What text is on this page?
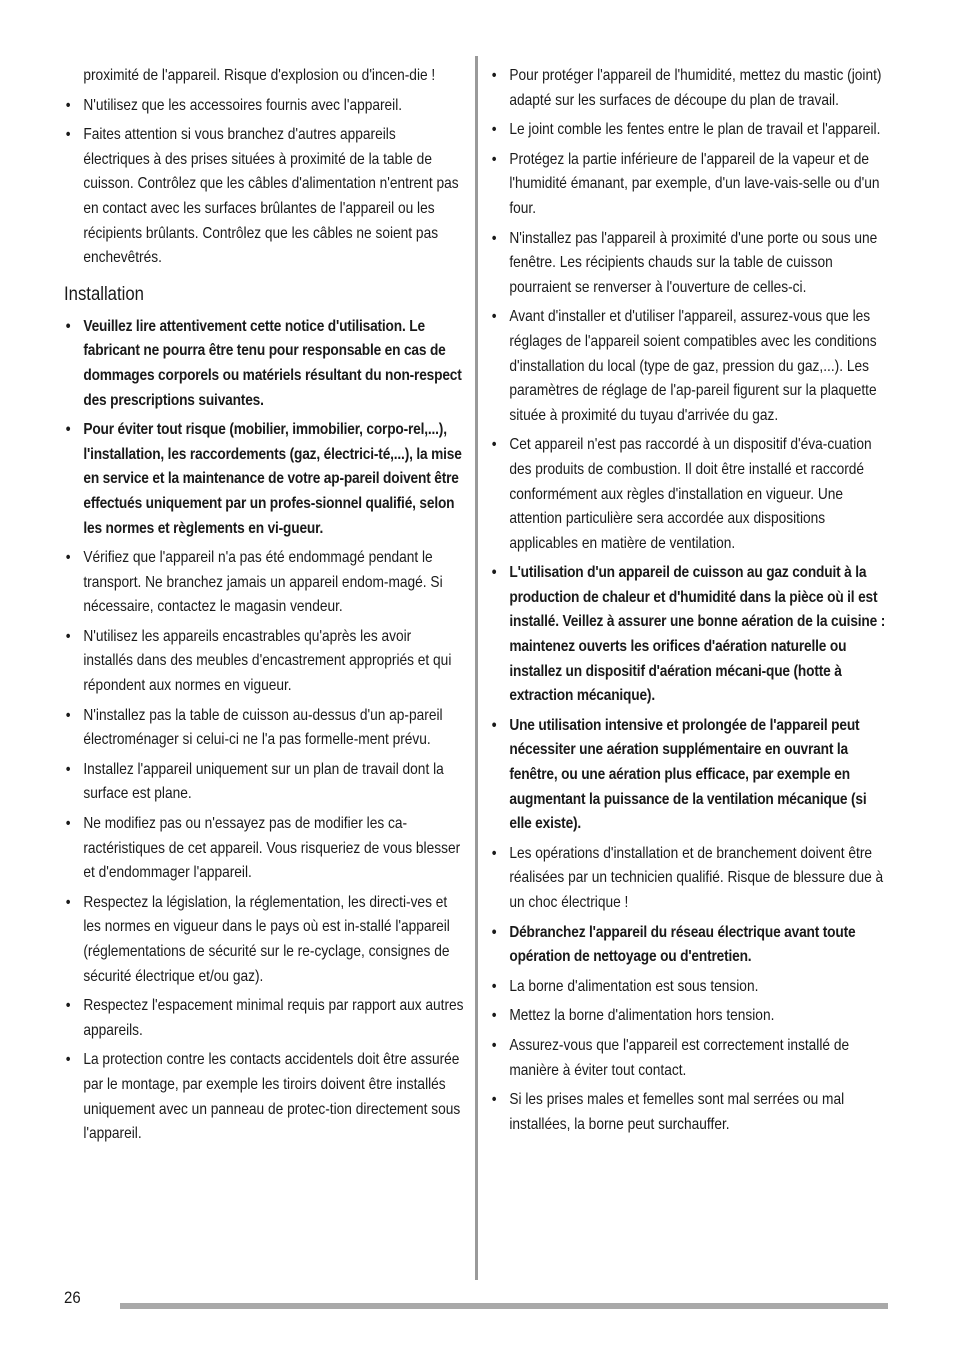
proximité de l'appareil. Risque d'explosion ou d'incen-die !

• N'utilisez que les accessoires fournis avec l'appareil.
• Faites attention si vous branchez d'autres appareils électriques à des prises situées à proximité de la table de cuisson. Contrôlez que les câbles d'alimentation n'entrent pas en contact avec les surfaces brûlantes de l'appareil ou les récipients brûlants. Contrôlez que les câbles ne soient pas enchevêtrés.
Installation
• Veuillez lire attentivement cette notice d'utilisation. Le fabricant ne pourra être tenu pour responsable en cas de dommages corporels ou matériels résultant du non-respect des prescriptions suivantes.
• Pour éviter tout risque (mobilier, immobilier, corpo-rel,...), l'installation, les raccordements (gaz, électrici-té,...), la mise en service et la maintenance de votre ap-pareil doivent être effectués uniquement par un profes-sionnel qualifié, selon les normes et règlements en vi-gueur.
• Vérifiez que l'appareil n'a pas été endommagé pendant le transport. Ne branchez jamais un appareil endom-magé. Si nécessaire, contactez le magasin vendeur.
• N'utilisez les appareils encastrables qu'après les avoir installés dans des meubles d'encastrement appropriés et qui répondent aux normes en vigueur.
• N'installez pas la table de cuisson au-dessus d'un ap-pareil électroménager si celui-ci ne l'a pas formelle-ment prévu.
• Installez l'appareil uniquement sur un plan de travail dont la surface est plane.
• Ne modifiez pas ou n'essayez pas de modifier les ca-ractéristiques de cet appareil. Vous risqueriez de vous blesser et d'endommager l'appareil.
• Respectez la législation, la réglementation, les directi-ves et les normes en vigueur dans le pays où est in-stallé l'appareil (réglementations de sécurité sur le re-cyclage, consignes de sécurité électrique et/ou gaz).
• Respectez l'espacement minimal requis par rapport aux autres appareils.
• La protection contre les contacts accidentels doit être assurée par le montage, par exemple les tiroirs doivent être installés uniquement avec un panneau de protec-tion directement sous l'appareil.
• Pour protéger l'appareil de l'humidité, mettez du mastic (joint) adapté sur les surfaces de découpe du plan de travail.
• Le joint comble les fentes entre le plan de travail et l'appareil.
• Protégez la partie inférieure de l'appareil de la vapeur et de l'humidité émanant, par exemple, d'un lave-vais-selle ou d'un four.
• N'installez pas l'appareil à proximité d'une porte ou sous une fenêtre. Les récipients chauds sur la table de cuisson pourraient se renverser à l'ouverture de celles-ci.
• Avant d'installer et d'utiliser l'appareil, assurez-vous que les réglages de l'appareil soient compatibles avec les conditions d'installation du local (type de gaz, pression du gaz,...). Les paramètres de réglage de l'ap-pareil figurent sur la plaquette située à proximité du tuyau d'arrivée du gaz.
• Cet appareil n'est pas raccordé à un dispositif d'éva-cuation des produits de combustion. Il doit être installé et raccordé conformément aux règles d'installation en vigueur. Une attention particulière sera accordée aux dispositions applicables en matière de ventilation.
• L'utilisation d'un appareil de cuisson au gaz conduit à la production de chaleur et d'humidité dans la pièce où il est installé. Veillez à assurer une bonne aération de la cuisine : maintenez ouverts les orifices d'aération naturelle ou installez un dispositif d'aération mécani-que (hotte à extraction mécanique).
• Une utilisation intensive et prolongée de l'appareil peut nécessiter une aération supplémentaire en ouvrant la fenêtre, ou une aération plus efficace, par exemple en augmentant la puissance de la ventilation mécanique (si elle existe).
• Les opérations d'installation et de branchement doivent être réalisées par un technicien qualifié. Risque de blessure due à un choc électrique !
• Débranchez l'appareil du réseau électrique avant toute opération de nettoyage ou d'entretien.
• La borne d'alimentation est sous tension.
• Mettez la borne d'alimentation hors tension.
• Assurez-vous que l'appareil est correctement installé de manière à éviter tout contact.
• Si les prises males et femelles sont mal serrées ou mal installées, la borne peut surchauffer.
26
